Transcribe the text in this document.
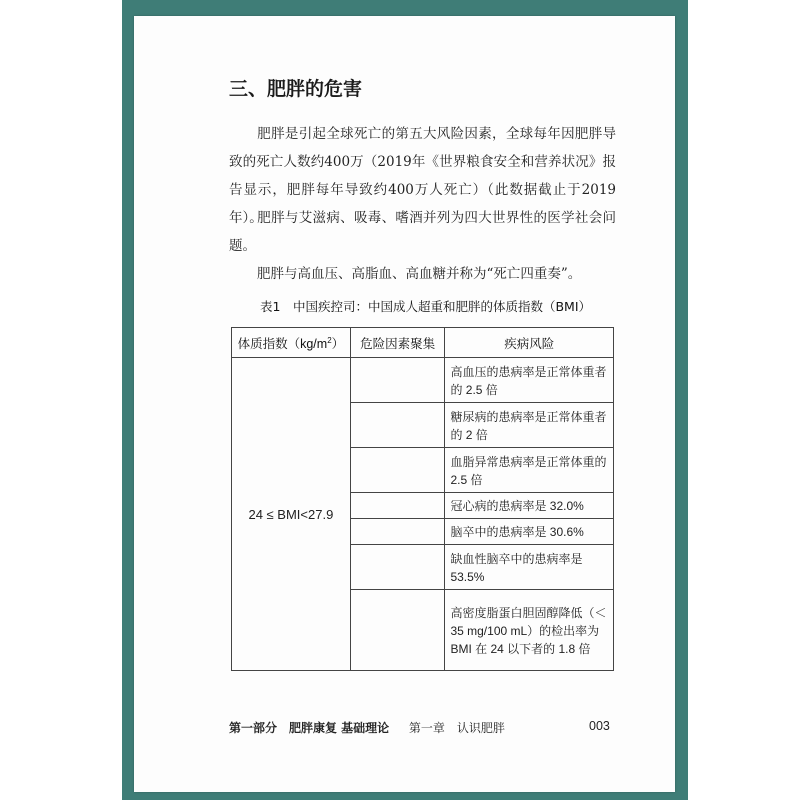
三、肥胖的危害
肥胖是引起全球死亡的第五大风险因素，全球每年因肥胖导致的死亡人数约400万（2019年《世界粮食安全和营养状况》报告显示，肥胖每年导致约400万人死亡）（此数据截止于2019年）。
肥胖与艾滋病、吸毒、嗜酒并列为四大世界性的医学社会问题。
肥胖与高血压、高脂血、高血糖并称为“死亡四重奏”。
表1　中国疾控司：中国成人超重和肥胖的体质指数（BMI）
体质指数$(kg/m^2)$	危险因素聚集	疾病风险
24 ≤ BMI<27.9		高血压的患病率是正常体重者的 2.5 倍
		糖尿病的患病率是正常体重者的 2 倍
		血脂异常患病率是正常体重的 2.5 倍
		冠心病的患病率是 32.0%
		脑卒中的患病率是 30.6%
		缺血性脑卒中的患病率是 53.5%
		高密度脂蛋白胆固醇降低（＜ 35 mg/100 mL）的检出率为 BMI 在 24 以下者的 1.8 倍
第一部分　肥胖康复 基础理论 第一章　认识肥胖	003
